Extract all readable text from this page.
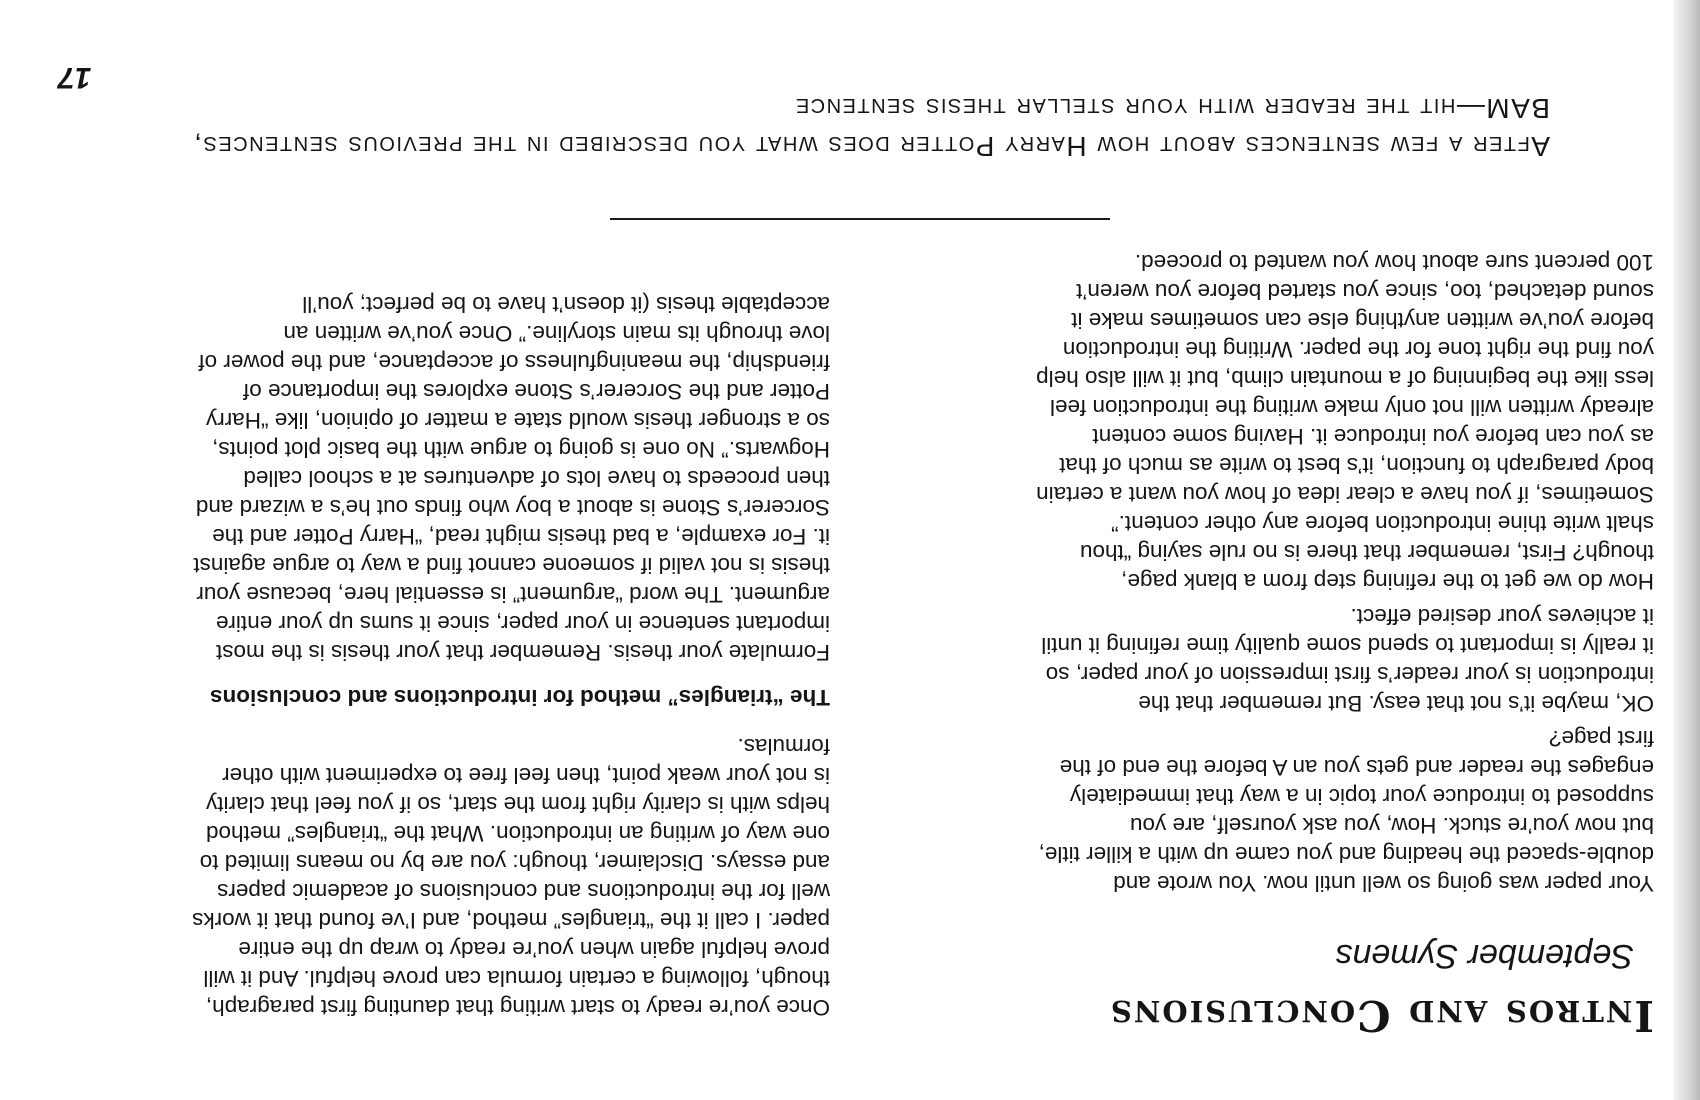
Intros and Conclusions
September Symens

Your paper was going so well until now. You wrote and double-spaced the heading and you came up with a killer title, but now you’re stuck. How, you ask yourself, are you supposed to introduce your topic in a way that immediately engages the reader and gets you an A before the end of the first page?

OK, maybe it’s not that easy. But remember that the introduction is your reader’s first impression of your paper, so it really is important to spend some quality time refining it until it achieves your desired effect.

How do we get to the refining step from a blank page, though? First, remember that there is no rule saying “thou shalt write thine introduction before any other content.” Sometimes, if you have a clear idea of how you want a certain body paragraph to function, it’s best to write as much of that as you can before you introduce it. Having some content already written will not only make writing the introduction feel less like the beginning of a mountain climb, but it will also help you find the right tone for the paper. Writing the introduction before you’ve written anything else can sometimes make it sound detached, too, since you started before you weren’t 100 percent sure about how you wanted to proceed.

Once you’re ready to start writing that daunting first paragraph, though, following a certain formula can prove helpful. And it will prove helpful again when you’re ready to wrap up the entire paper. I call it the “triangles” method, and I’ve found that it works well for the introductions and conclusions of academic papers and essays. Disclaimer, though: you are by no means limited to one way of writing an introduction. What the “triangles” method helps with is clarity right from the start, so if you feel that clarity is not your weak point, then feel free to experiment with other formulas.

The “triangles” method for introductions and conclusions

Formulate your thesis. Remember that your thesis is the most important sentence in your paper, since it sums up your entire argument. The word “argument” is essential here, because your thesis is not valid if someone cannot find a way to argue against it. For example, a bad thesis might read, “Harry Potter and the Sorcerer’s Stone is about a boy who finds out he’s a wizard and then proceeds to have lots of adventures at a school called Hogwarts.” No one is going to argue with the basic plot points, so a stronger thesis would state a matter of opinion, like “Harry Potter and the Sorcerer’s Stone explores the importance of friendship, the meaningfulness of acceptance, and the power of love through its main storyline.” Once you’ve written an acceptable thesis (it doesn’t have to be perfect; you’ll

After a few sentences about how Harry Potter does what you described in the previous sentences, BAM—hit the reader with your stellar thesis sentence
17
